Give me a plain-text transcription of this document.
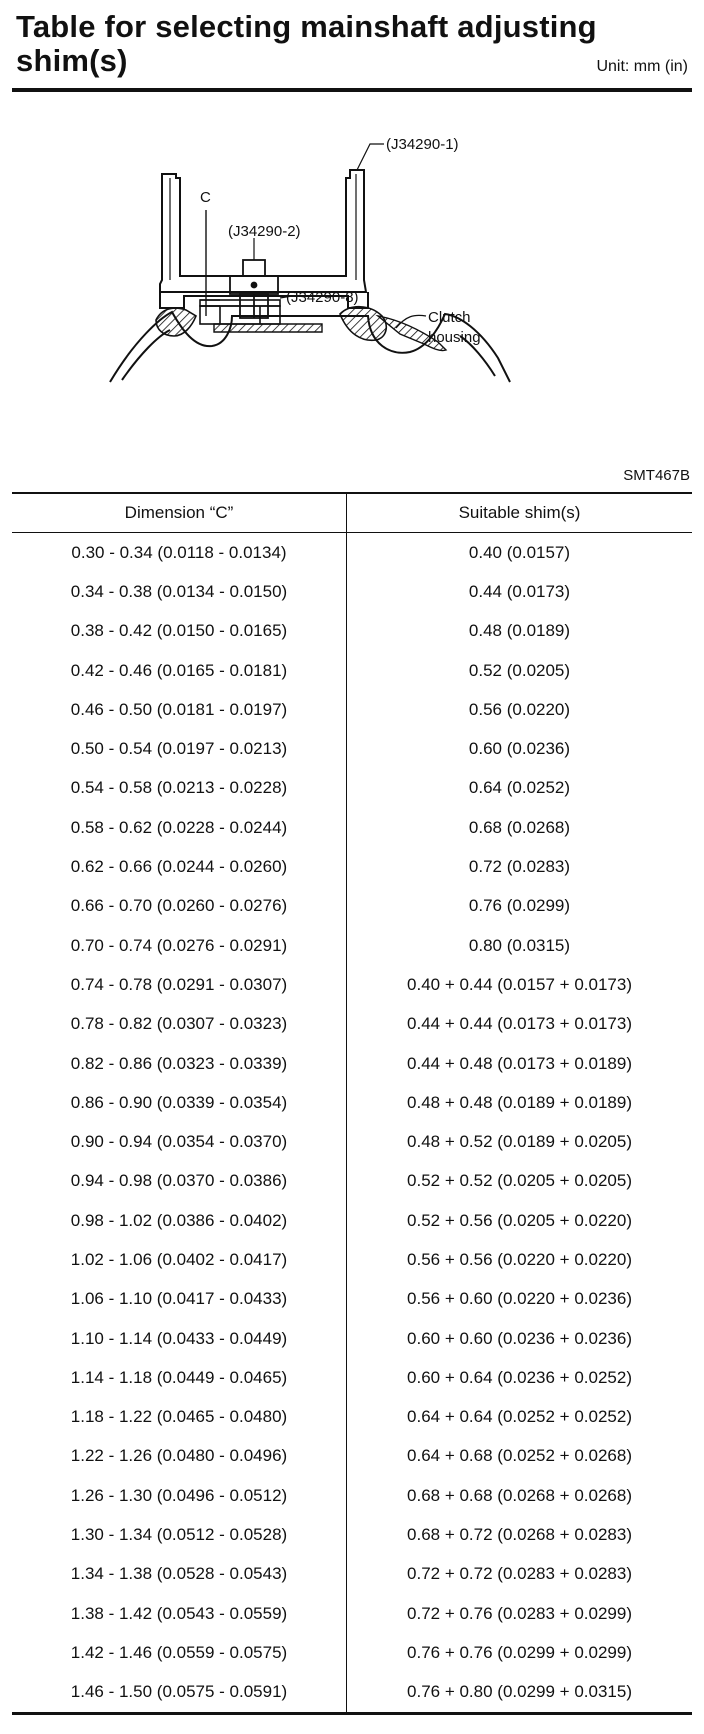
Table for selecting mainshaft adjusting
shim(s)	Unit: mm (in)
(J34290-1)
C
(J34290-2)
(J34290-8)
Clutch
housing
SMT467B
Dimension “C”	Suitable shim(s)
0.30 - 0.34 (0.0118 - 0.0134)	0.40 (0.0157)
0.34 - 0.38 (0.0134 - 0.0150)	0.44 (0.0173)
0.38 - 0.42 (0.0150 - 0.0165)	0.48 (0.0189)
0.42 - 0.46 (0.0165 - 0.0181)	0.52 (0.0205)
0.46 - 0.50 (0.0181 - 0.0197)	0.56 (0.0220)
0.50 - 0.54 (0.0197 - 0.0213)	0.60 (0.0236)
0.54 - 0.58 (0.0213 - 0.0228)	0.64 (0.0252)
0.58 - 0.62 (0.0228 - 0.0244)	0.68 (0.0268)
0.62 - 0.66 (0.0244 - 0.0260)	0.72 (0.0283)
0.66 - 0.70 (0.0260 - 0.0276)	0.76 (0.0299)
0.70 - 0.74 (0.0276 - 0.0291)	0.80 (0.0315)
0.74 - 0.78 (0.0291 - 0.0307)	0.40 + 0.44 (0.0157 + 0.0173)
0.78 - 0.82 (0.0307 - 0.0323)	0.44 + 0.44 (0.0173 + 0.0173)
0.82 - 0.86 (0.0323 - 0.0339)	0.44 + 0.48 (0.0173 + 0.0189)
0.86 - 0.90 (0.0339 - 0.0354)	0.48 + 0.48 (0.0189 + 0.0189)
0.90 - 0.94 (0.0354 - 0.0370)	0.48 + 0.52 (0.0189 + 0.0205)
0.94 - 0.98 (0.0370 - 0.0386)	0.52 + 0.52 (0.0205 + 0.0205)
0.98 - 1.02 (0.0386 - 0.0402)	0.52 + 0.56 (0.0205 + 0.0220)
1.02 - 1.06 (0.0402 - 0.0417)	0.56 + 0.56 (0.0220 + 0.0220)
1.06 - 1.10 (0.0417 - 0.0433)	0.56 + 0.60 (0.0220 + 0.0236)
1.10 - 1.14 (0.0433 - 0.0449)	0.60 + 0.60 (0.0236 + 0.0236)
1.14 - 1.18 (0.0449 - 0.0465)	0.60 + 0.64 (0.0236 + 0.0252)
1.18 - 1.22 (0.0465 - 0.0480)	0.64 + 0.64 (0.0252 + 0.0252)
1.22 - 1.26 (0.0480 - 0.0496)	0.64 + 0.68 (0.0252 + 0.0268)
1.26 - 1.30 (0.0496 - 0.0512)	0.68 + 0.68 (0.0268 + 0.0268)
1.30 - 1.34 (0.0512 - 0.0528)	0.68 + 0.72 (0.0268 + 0.0283)
1.34 - 1.38 (0.0528 - 0.0543)	0.72 + 0.72 (0.0283 + 0.0283)
1.38 - 1.42 (0.0543 - 0.0559)	0.72 + 0.76 (0.0283 + 0.0299)
1.42 - 1.46 (0.0559 - 0.0575)	0.76 + 0.76 (0.0299 + 0.0299)
1.46 - 1.50 (0.0575 - 0.0591)	0.76 + 0.80 (0.0299 + 0.0315)
